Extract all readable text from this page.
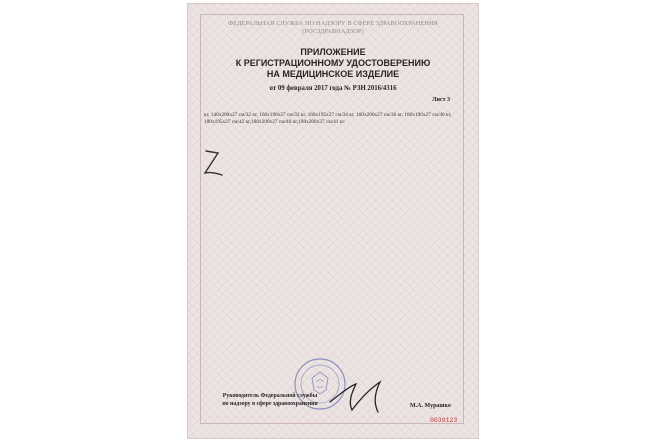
ФЕДЕРАЛЬНАЯ СЛУЖБА ПО НАДЗОРУ В СФЕРЕ ЗДРАВООХРАНЕНИЯ
(РОСЗДРАВНАДЗОР)
ПРИЛОЖЕНИЕ
К РЕГИСТРАЦИОННОМУ УДОСТОВЕРЕНИЮ
НА МЕДИЦИНСКОЕ ИЗДЕЛИЕ
от 09 февраля 2017 года № РЗН 2016/4316
Лист 3
кг, 140х200х27 см/32 кг, 160х190х27 см/32 кг, 160х195х27 см/34 кг, 160х200х27 см/36 кг, 180х190х27 см/40 кг, 180х195х27 см/42 кг,180х200х27 см/40 кг,190х200х27 см/41 кг.
Руководитель Федеральной службы
по надзору в сфере здравоохранения	М.А. Мурашко
0039123
